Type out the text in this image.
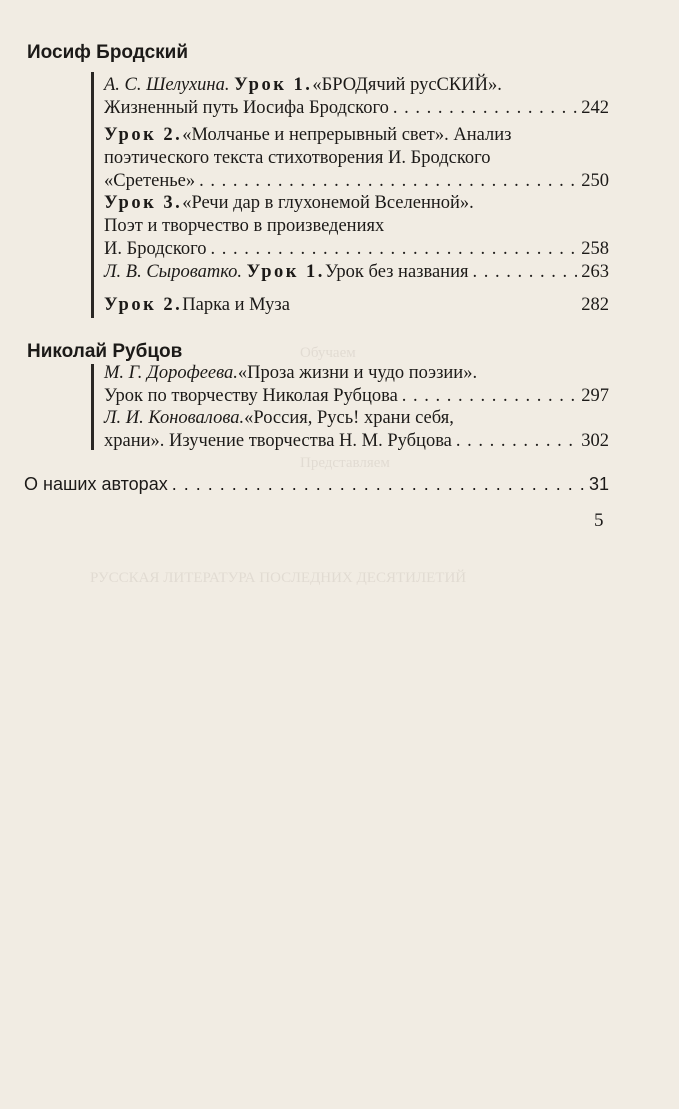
Обучаем
Представляем
РУССКАЯ ЛИТЕРАТУРА ПОСЛЕДНИХ ДЕСЯТИЛЕТИЙ
Иосиф Бродский
А. С. Шелухина.
Урок 1. «БРОДячий русСКИЙ».
Жизненный путь Иосифа Бродского . . .	242
Урок 2. «Молчанье и непрерывный свет». Анализ
поэтического текста стихотворения И. Бродского
«Сретенье» . . .	250
Урок 3. «Речи дар в глухонемой Вселенной».
Поэт и творчество в произведениях
И. Бродского . . .	258
Л. В. Сыроватко.
Урок 1. Урок без названия . . .	263
Урок 2. Парка и Муза	282
Николай Рубцов
М. Г. Дорофеева. «Проза жизни и чудо поэзии».
Урок по творчеству Николая Рубцова . . .	297
Л. И. Коновалова. «Россия, Русь! храни себя,
храни». Изучение творчества Н. М. Рубцова . . .	302
О наших авторах . . .	31
5
